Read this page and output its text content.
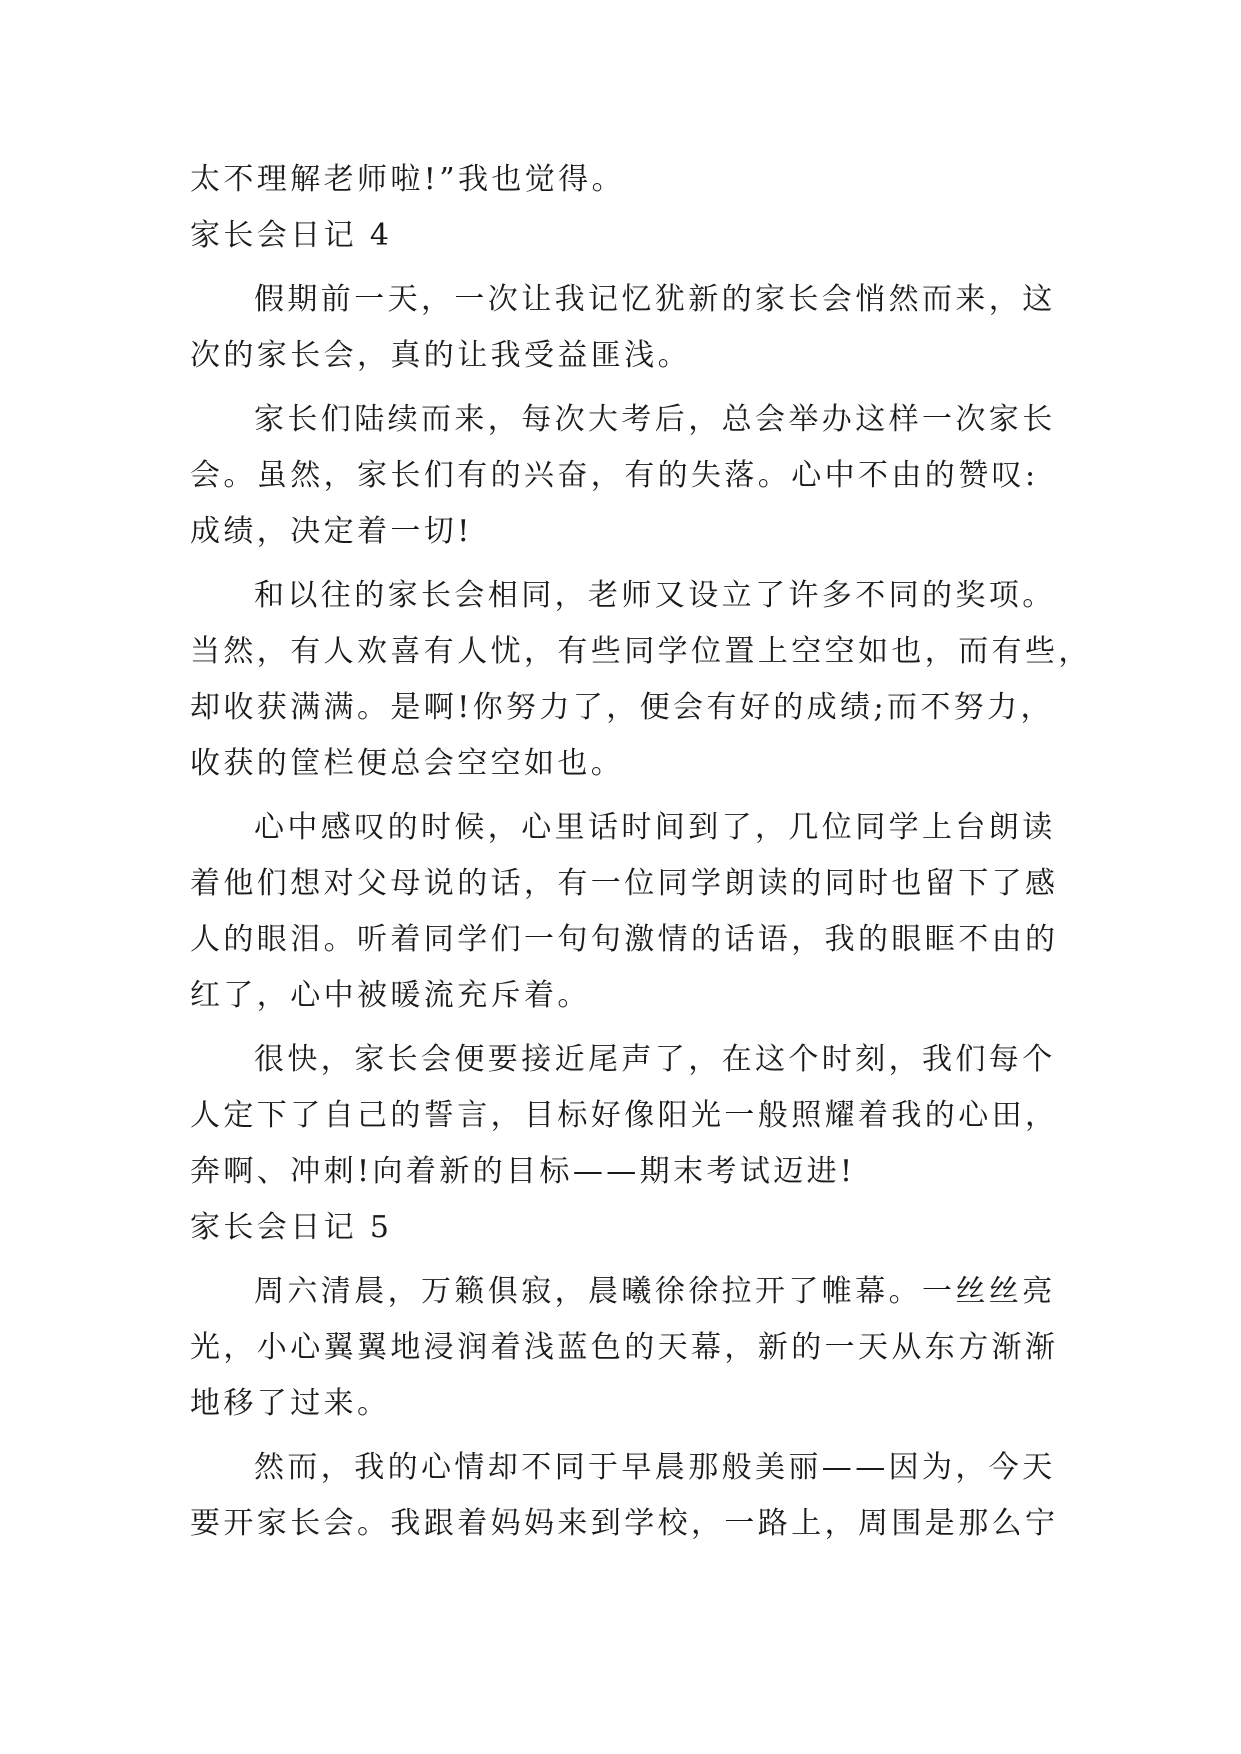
太不理解老师啦!”我也觉得。
家长会日记 4
假期前一天，一次让我记忆犹新的家长会悄然而来，这
次的家长会，真的让我受益匪浅。
家长们陆续而来，每次大考后，总会举办这样一次家长
会。虽然，家长们有的兴奋，有的失落。心中不由的赞叹:
成绩，决定着一切!
和以往的家长会相同，老师又设立了许多不同的奖项。
当然，有人欢喜有人忧，有些同学位置上空空如也，而有些，
却收获满满。是啊!你努力了，便会有好的成绩;而不努力，
收获的筐栏便总会空空如也。
心中感叹的时候，心里话时间到了，几位同学上台朗读
着他们想对父母说的话，有一位同学朗读的同时也留下了感
人的眼泪。听着同学们一句句激情的话语，我的眼眶不由的
红了，心中被暖流充斥着。
很快，家长会便要接近尾声了，在这个时刻，我们每个
人定下了自己的誓言，目标好像阳光一般照耀着我的心田，
奔啊、冲刺!向着新的目标——期末考试迈进!
家长会日记 5
周六清晨，万籁俱寂，晨曦徐徐拉开了帷幕。一丝丝亮
光，小心翼翼地浸润着浅蓝色的天幕，新的一天从东方渐渐
地移了过来。
然而，我的心情却不同于早晨那般美丽——因为，今天
要开家长会。我跟着妈妈来到学校，一路上，周围是那么宁
